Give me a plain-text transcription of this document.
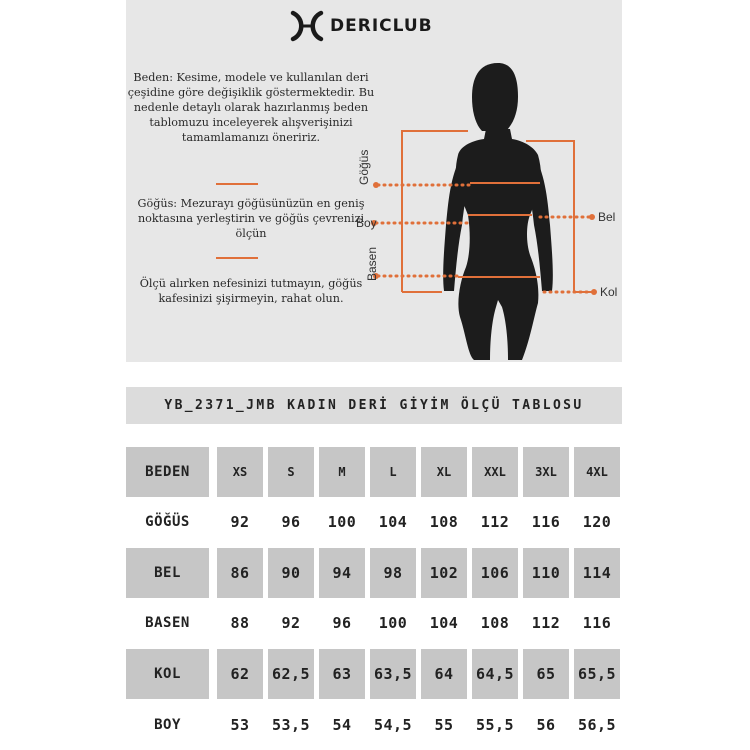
DERICLUB
Beden: Kesime, modele ve kullanılan deri çeşidine göre değişiklik göstermektedir. Bu nedenle detaylı olarak hazırlanmış beden tablomuzu inceleyerek alışverişinizi tamamlamanızı öneririz.
Göğüs: Mezurayı göğüsünüzün en geniş noktasına yerleştirin ve göğüs çevrenizi ölçün
Ölçü alırken nefesinizi tutmayın, göğüs kafesinizi şişirmeyin, rahat olun.
Göğüs
Boy
Basen
Bel
Kol
YB_2371_JMB KADIN DERİ GİYİM ÖLÇÜ TABLOSU
BEDEN	XS	S	M	L	XL	XXL	3XL	4XL
GÖĞÜS	92	96	100	104	108	112	116	120
BEL	86	90	94	98	102	106	110	114
BASEN	88	92	96	100	104	108	112	116
KOL	62	62,5	63	63,5	64	64,5	65	65,5
BOY	53	53,5	54	54,5	55	55,5	56	56,5
